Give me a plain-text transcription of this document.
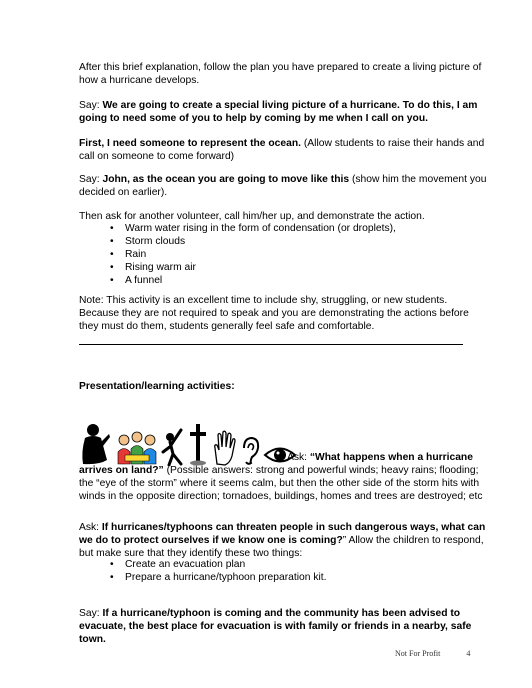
After this brief explanation, follow the plan you have prepared to create a living picture of how a hurricane develops.
Say: We are going to create a special living picture of a hurricane. To do this, I am going to need some of you to help by coming by me when I call on you.
First, I need someone to represent the ocean. (Allow students to raise their hands and call on someone to come forward)
Say: John, as the ocean you are going to move like this (show him the movement you decided on earlier).
Then ask for another volunteer, call him/her up, and demonstrate the action.
• Warm water rising in the form of condensation (or droplets),
• Storm clouds
• Rain
• Rising warm air
• A funnel
Note: This activity is an excellent time to include shy, struggling, or new students. Because they are not required to speak and you are demonstrating the actions before they must do them, students generally feel safe and comfortable.
Presentation/learning activities:
Ask: “What happens when a hurricane arrives on land?” (Possible answers: strong and powerful winds; heavy rains; flooding; the “eye of the storm” where it seems calm, but then the other side of the storm hits with winds in the opposite direction; tornadoes, buildings, homes and trees are destroyed; etc
Ask: If hurricanes/typhoons can threaten people in such dangerous ways, what can we do to protect ourselves if we know one is coming?” Allow the children to respond, but make sure that they identify these two things:
• Create an evacuation plan
• Prepare a hurricane/typhoon preparation kit.
Say: If a hurricane/typhoon is coming and the community has been advised to evacuate, the best place for evacuation is with family or friends in a nearby, safe town.
Not For Profit	4
